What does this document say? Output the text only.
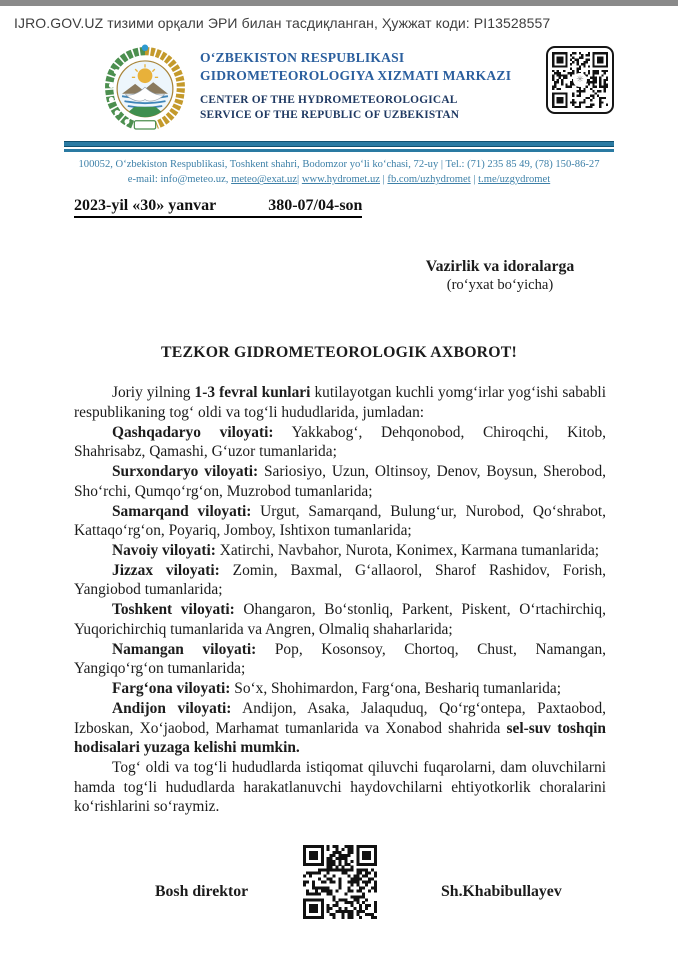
IJRO.GOV.UZ тизими орқали ЭРИ билан тасдиқланган, Ҳужжат коди: PI13528557
O‘ZBEKISTON RESPUBLIKASI
GIDROMETEOROLOGIYA XIZMATI MARKAZI
CENTER OF THE HYDROMETEOROLOGICAL
SERVICE OF THE REPUBLIC OF UZBEKISTAN
✳
100052, O‘zbekiston Respublikasi, Toshkent shahri, Bodomzor yo‘li ko‘chasi, 72-uy | Tel.: (71) 235 85 49, (78) 150-86-27
e-mail: info@meteo.uz, meteo@exat.uz| www.hydromet.uz | fb.com/uzhydromet | t.me/uzgydromet
2023-yil «30» yanvar	380-07/04-son
Vazirlik va idoralarga
(ro‘yxat bo‘yicha)
TEZKOR GIDROMETEOROLOGIK AXBOROT!

Joriy yilning 1-3 fevral kunlari kutilayotgan kuchli yomg‘irlar yog‘ishi sababli respublikaning tog‘ oldi va tog‘li hududlarida, jumladan:

Qashqadaryo viloyati: Yakkabog‘, Dehqonobod, Chiroqchi, Kitob, Shahrisabz, Qamashi, G‘uzor tumanlarida;

Surxondaryo viloyati: Sariosiyo, Uzun, Oltinsoy, Denov, Boysun, Sherobod, Sho‘rchi, Qumqo‘rg‘on, Muzrobod tumanlarida;

Samarqand viloyati: Urgut, Samarqand, Bulung‘ur, Nurobod, Qo‘shrabot, Kattaqo‘rg‘on, Poyariq, Jomboy, Ishtixon tumanlarida;

Navoiy viloyati: Xatirchi, Navbahor, Nurota, Konimex, Karmana tumanlarida;

Jizzax viloyati: Zomin, Baxmal, G‘allaorol, Sharof Rashidov, Forish, Yangiobod tumanlarida;

Toshkent viloyati: Ohangaron, Bo‘stonliq, Parkent, Piskent, O‘rtachirchiq, Yuqorichirchiq tumanlarida va Angren, Olmaliq shaharlarida;

Namangan viloyati: Pop, Kosonsoy, Chortoq, Chust, Namangan, Yangiqo‘rg‘on tumanlarida;

Farg‘ona viloyati: So‘x, Shohimardon, Farg‘ona, Beshariq tumanlarida;

Andijon viloyati: Andijon, Asaka, Jalaquduq, Qo‘rg‘ontepa, Paxtaobod, Izboskan, Xo‘jaobod, Marhamat tumanlarida va Xonabod shahrida sel-suv toshqin hodisalari yuzaga kelishi mumkin.

Tog‘ oldi va tog‘li hududlarda istiqomat qiluvchi fuqarolarni, dam oluvchilarni hamda tog‘li hududlarda harakatlanuvchi haydovchilarni ehtiyotkorlik choralarini ko‘rishlarini so‘raymiz.

Bosh direktor	Sh.Khabibullayev
